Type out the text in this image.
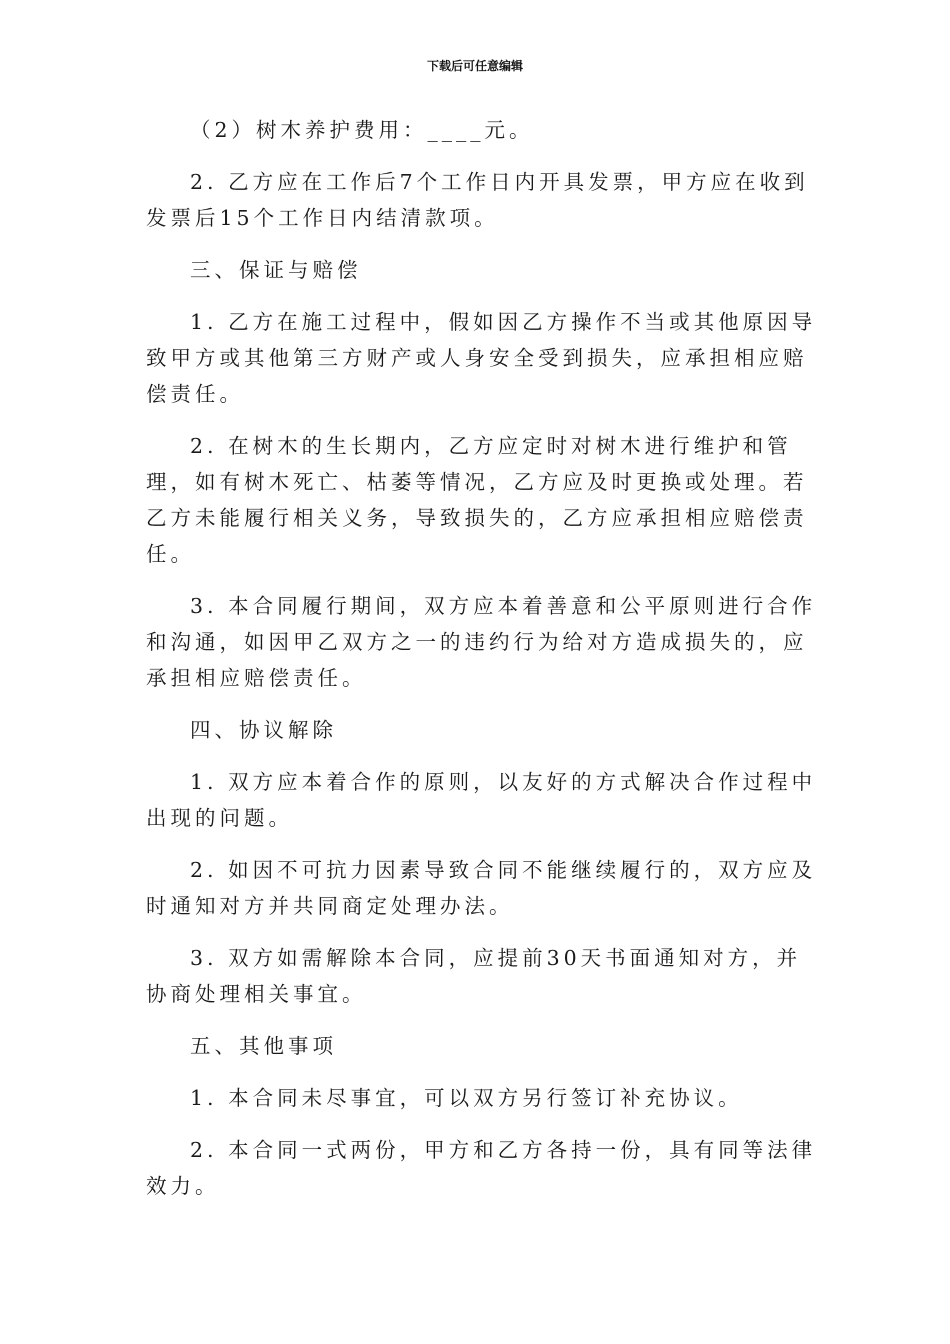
下载后可任意编辑

（2）树木养护费用：____元。

2. 乙方应在工作后7个工作日内开具发票，甲方应在收到发票后15个工作日内结清款项。

三、保证与赔偿

1. 乙方在施工过程中，假如因乙方操作不当或其他原因导致甲方或其他第三方财产或人身安全受到损失，应承担相应赔偿责任。

2. 在树木的生长期内，乙方应定时对树木进行维护和管理，如有树木死亡、枯萎等情况，乙方应及时更换或处理。若乙方未能履行相关义务，导致损失的，乙方应承担相应赔偿责任。

3. 本合同履行期间，双方应本着善意和公平原则进行合作和沟通，如因甲乙双方之一的违约行为给对方造成损失的，应承担相应赔偿责任。

四、协议解除

1. 双方应本着合作的原则，以友好的方式解决合作过程中出现的问题。

2. 如因不可抗力因素导致合同不能继续履行的，双方应及时通知对方并共同商定处理办法。

3. 双方如需解除本合同，应提前30天书面通知对方，并协商处理相关事宜。

五、其他事项

1. 本合同未尽事宜，可以双方另行签订补充协议。

2. 本合同一式两份，甲方和乙方各持一份，具有同等法律效力。
